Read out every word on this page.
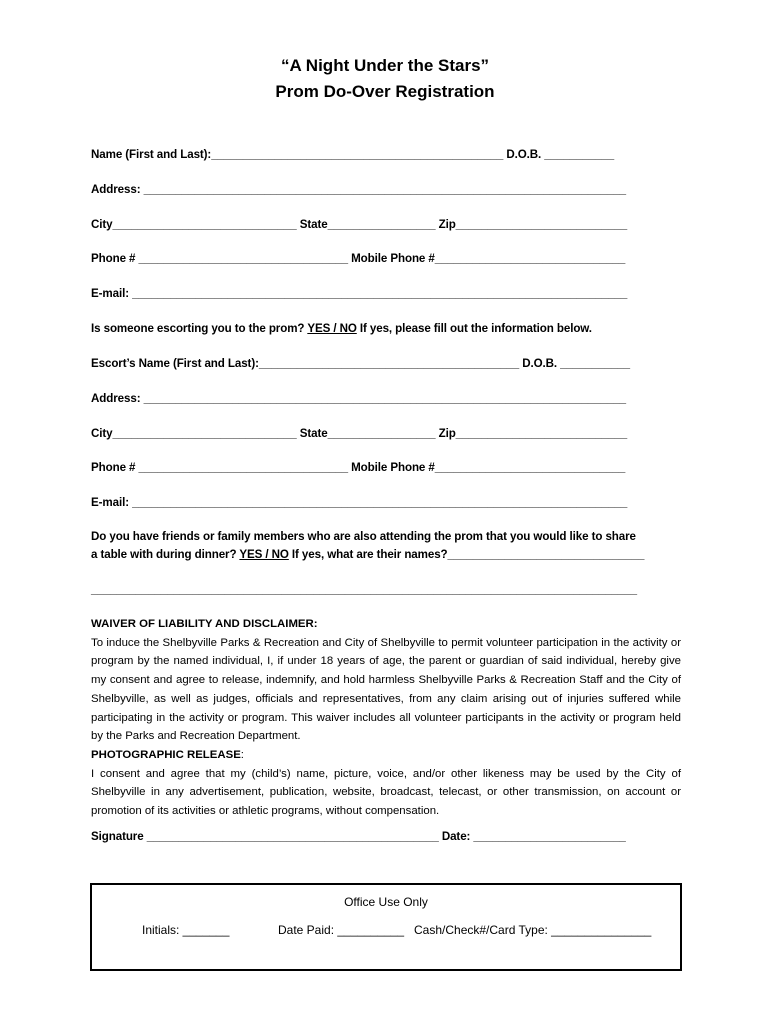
“A Night Under the Stars”
Prom Do-Over Registration
Name (First and Last):______________________________________________ D.O.B. ___________
Address: ____________________________________________________________________________
City_____________________________ State_________________ Zip___________________________
Phone # _________________________________ Mobile Phone #______________________________
E-mail: ______________________________________________________________________________
Is someone escorting you to the prom? YES / NO If yes, please fill out the information below.
Escort’s Name (First and Last):_________________________________________ D.O.B. ___________
Address: ____________________________________________________________________________
City_____________________________ State_________________ Zip___________________________
Phone # _________________________________ Mobile Phone #______________________________
E-mail: ______________________________________________________________________________
Do you have friends or family members who are also attending the prom that you would like to share
a table with during dinner? YES / NO If yes, what are their names?_______________________________
______________________________________________________________________________________
WAIVER OF LIABILITY AND DISCLAIMER:
To induce the Shelbyville Parks & Recreation and City of Shelbyville to permit volunteer participation in the activity or program by the named individual, I, if under 18 years of age, the parent or guardian of said individual, hereby give my consent and agree to release, indemnify, and hold harmless Shelbyville Parks & Recreation Staff and the City of Shelbyville, as well as judges, officials and representatives, from any claim arising out of injuries suffered while participating in the activity or program. This waiver includes all volunteer participants in the activity or program held by the Parks and Recreation Department.
PHOTOGRAPHIC RELEASE:
I consent and agree that my (child’s) name, picture, voice, and/or other likeness may be used by the City of Shelbyville in any advertisement, publication, website, broadcast, telecast, or other transmission, on account or promotion of its activities or athletic programs, without compensation.
Signature ______________________________________________ Date: ________________________
Office Use Only
Initials: _______	Date Paid: __________ Cash/Check#/Card Type: _______________
